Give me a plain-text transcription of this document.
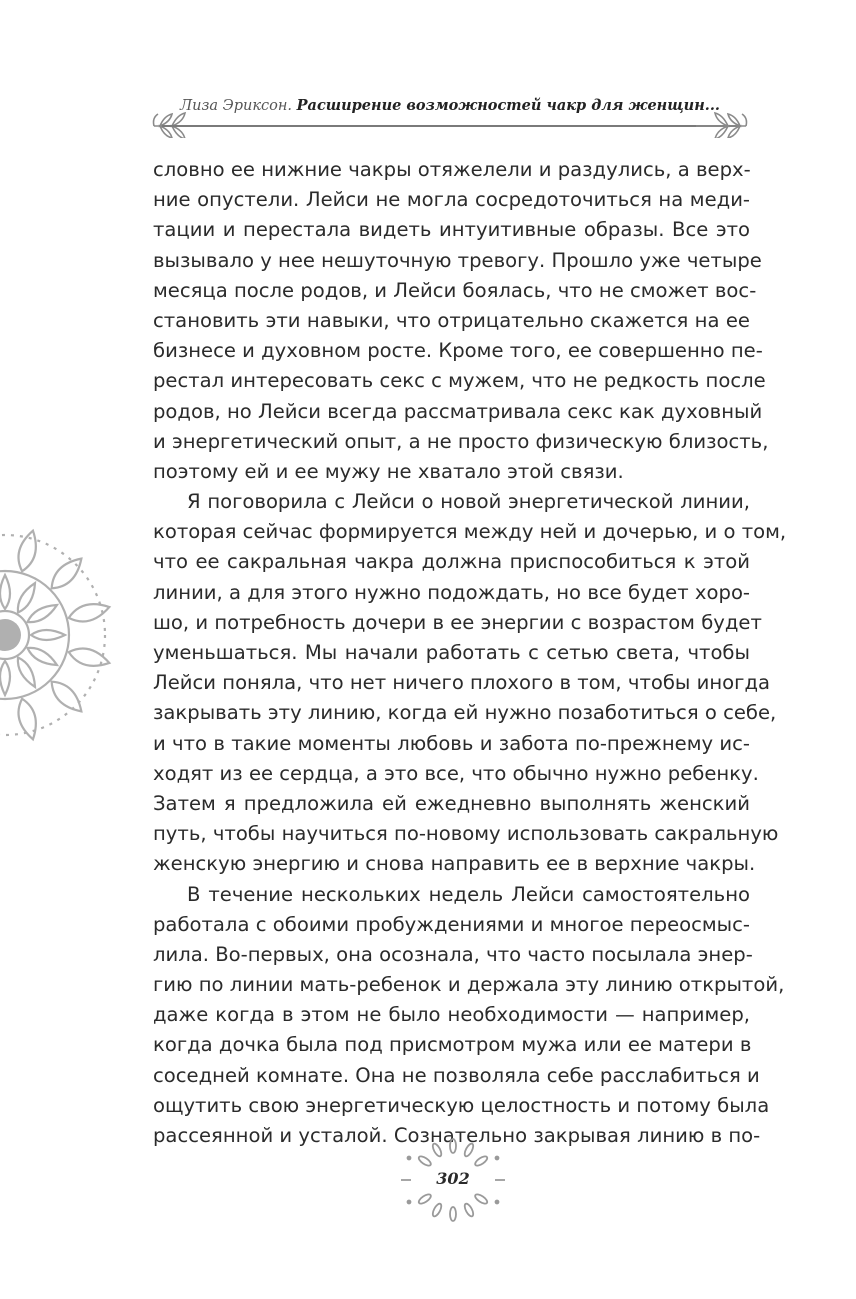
Лиза Эриксон. Расширение возможностей чакр для женщин...
словно ее нижние чакры отяжелели и раздулись, а верх-
ние опустели. Лейси не могла сосредоточиться на меди-
тации и перестала видеть интуитивные образы. Все это
вызывало у нее нешуточную тревогу. Прошло уже четыре
месяца после родов, и Лейси боялась, что не сможет вос-
становить эти навыки, что отрицательно скажется на ее
бизнесе и духовном росте. Кроме того, ее совершенно пе-
рестал интересовать секс с мужем, что не редкость после
родов, но Лейси всегда рассматривала секс как духовный
и энергетический опыт, а не просто физическую близость,
поэтому ей и ее мужу не хватало этой связи.
Я поговорила с Лейси о новой энергетической линии,
которая сейчас формируется между ней и дочерью, и о том,
что ее сакральная чакра должна приспособиться к этой
линии, а для этого нужно подождать, но все будет хоро-
шо, и потребность дочери в ее энергии с возрастом будет
уменьшаться. Мы начали работать с сетью света, чтобы
Лейси поняла, что нет ничего плохого в том, чтобы иногда
закрывать эту линию, когда ей нужно позаботиться о себе,
и что в такие моменты любовь и забота по-прежнему ис-
ходят из ее сердца, а это все, что обычно нужно ребенку.
Затем я предложила ей ежедневно выполнять женский
путь, чтобы научиться по-новому использовать сакральную
женскую энергию и снова направить ее в верхние чакры.
В течение нескольких недель Лейси самостоятельно
работала с обоими пробуждениями и многое переосмыс-
лила. Во-первых, она осознала, что часто посылала энер-
гию по линии мать-ребенок и держала эту линию открытой,
даже когда в этом не было необходимости — например,
когда дочка была под присмотром мужа или ее матери в
соседней комнате. Она не позволяла себе расслабиться и
ощутить свою энергетическую целостность и потому была
рассеянной и усталой. Сознательно закрывая линию в по-
302
